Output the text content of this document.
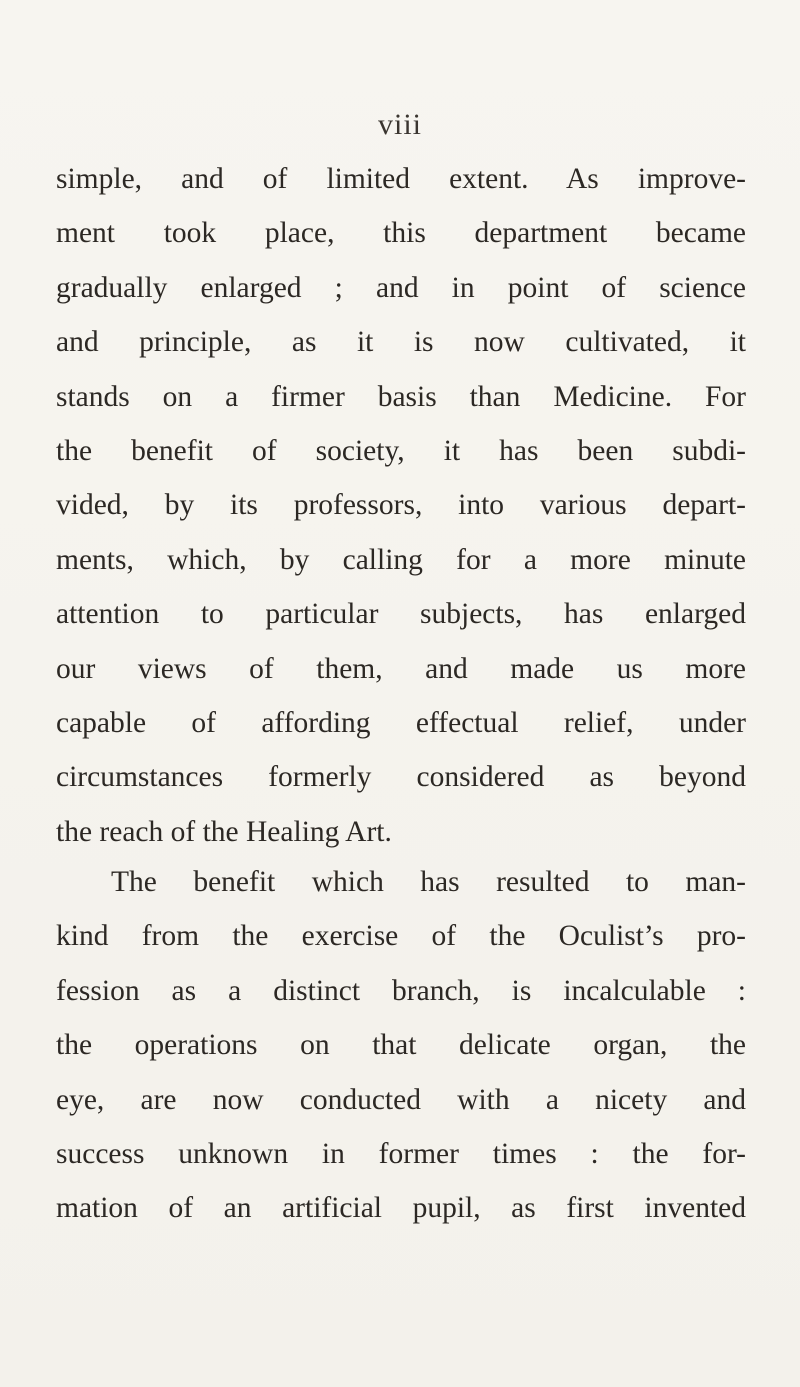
viii
simple, and of limited extent. As improve-
ment took place, this department became
gradually enlarged ; and in point of science
and principle, as it is now cultivated, it
stands on a firmer basis than Medicine. For
the benefit of society, it has been subdi-
vided, by its professors, into various depart-
ments, which, by calling for a more minute
attention to particular subjects, has enlarged
our views of them, and made us more
capable of affording effectual relief, under
circumstances formerly considered as beyond
the reach of the Healing Art.
The benefit which has resulted to man-
kind from the exercise of the Oculist’s pro-
fession as a distinct branch, is incalculable :
the operations on that delicate organ, the
eye, are now conducted with a nicety and
success unknown in former times : the for-
mation of an artificial pupil, as first invented
